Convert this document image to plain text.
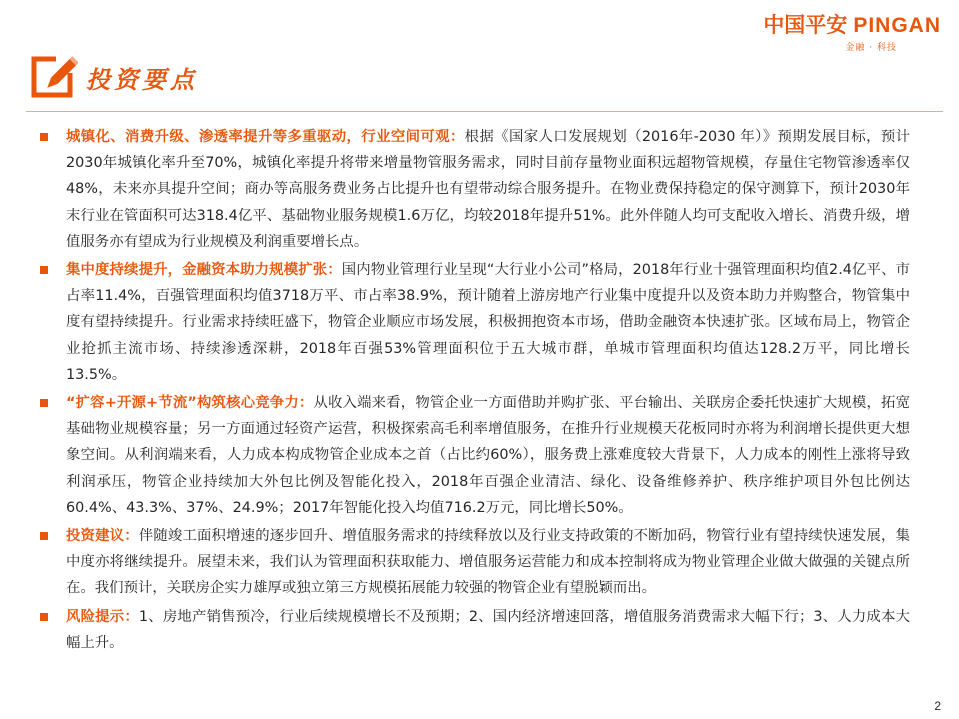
中国平安 PINGAN
金融 · 科技
投资要点
城镇化、消费升级、渗透率提升等多重驱动，行业空间可观：根据《国家人口发展规划（2016年-2030 年）》预期发展目标，预计2030年城镇化率升至70%，城镇化率提升将带来增量物管服务需求，同时目前存量物业面积远超物管规模，存量住宅物管渗透率仅48%，未来亦具提升空间；商办等高服务费业务占比提升也有望带动综合服务提升。在物业费保持稳定的保守测算下，预计2030年末行业在管面积可达318.4亿平、基础物业服务规模1.6万亿，均较2018年提升51%。此外伴随人均可支配收入增长、消费升级，增值服务亦有望成为行业规模及利润重要增长点。
集中度持续提升，金融资本助力规模扩张：国内物业管理行业呈现“大行业小公司”格局，2018年行业十强管理面积均值2.4亿平、市占率11.4%，百强管理面积均值3718万平、市占率38.9%，预计随着上游房地产行业集中度提升以及资本助力并购整合，物管集中度有望持续提升。行业需求持续旺盛下，物管企业顺应市场发展，积极拥抱资本市场，借助金融资本快速扩张。区域布局上，物管企业抢抓主流市场、持续渗透深耕，2018年百强53%管理面积位于五大城市群，单城市管理面积均值达128.2万平，同比增长13.5%。
“扩容+开源+节流”构筑核心竞争力：从收入端来看，物管企业一方面借助并购扩张、平台输出、关联房企委托快速扩大规模，拓宽基础物业规模容量；另一方面通过轻资产运营，积极探索高毛利率增值服务，在推升行业规模天花板同时亦将为利润增长提供更大想象空间。从利润端来看，人力成本构成物管企业成本之首（占比约60%），服务费上涨难度较大背景下，人力成本的刚性上涨将导致利润承压，物管企业持续加大外包比例及智能化投入，2018年百强企业清洁、绿化、设备维修养护、秩序维护项目外包比例达60.4%、43.3%、37%、24.9%；2017年智能化投入均值716.2万元，同比增长50%。
投资建议：伴随竣工面积增速的逐步回升、增值服务需求的持续释放以及行业支持政策的不断加码，物管行业有望持续快速发展，集中度亦将继续提升。展望未来，我们认为管理面积获取能力、增值服务运营能力和成本控制将成为物业管理企业做大做强的关键点所在。我们预计，关联房企实力雄厚或独立第三方规模拓展能力较强的物管企业有望脱颖而出。
风险提示：1、房地产销售预冷，行业后续规模增长不及预期；2、国内经济增速回落，增值服务消费需求大幅下行；3、人力成本大幅上升。
2
